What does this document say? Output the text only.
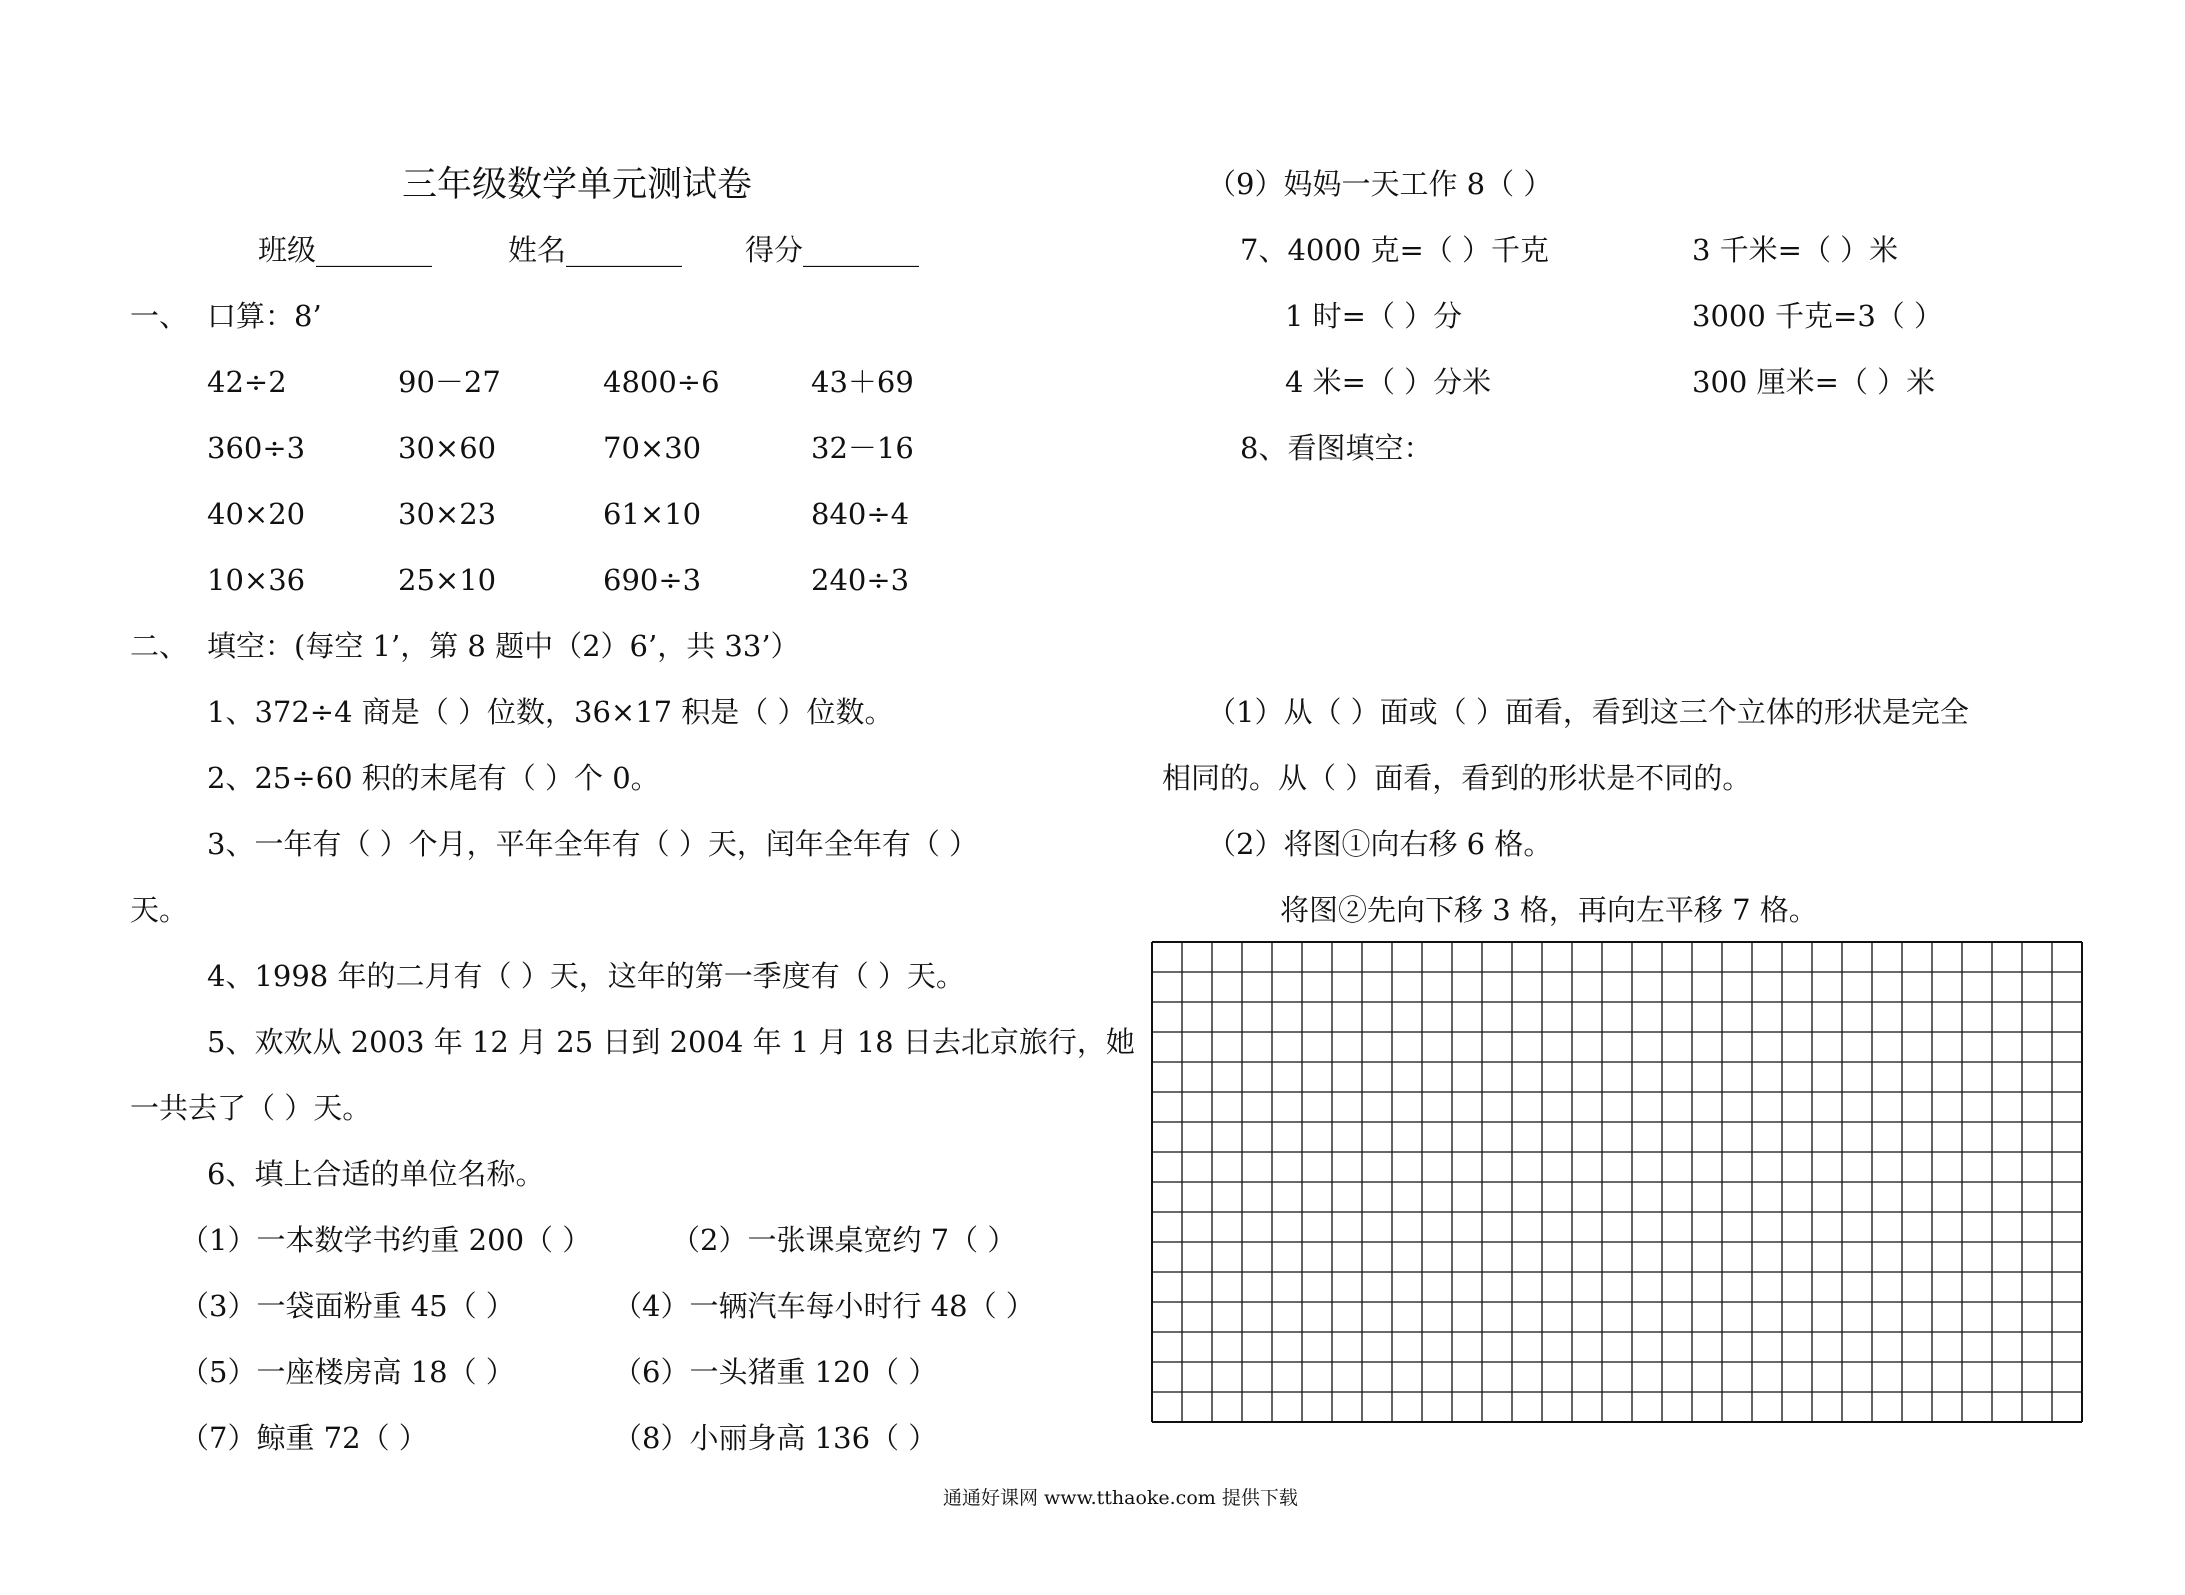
三年级数学单元测试卷
班级________	姓名________ 得分________
一、 口算：8’
42÷2	90－27	4800÷6	43＋69
360÷3	30×60	70×30	32－16
40×20	30×23	61×10	840÷4
10×36	25×10	690÷3	240÷3
二、 填空：(每空 1’，第 8 题中（2）6’，共 33’）
1、372÷4 商是（ ）位数，36×17 积是（ ）位数。
2、25÷60 积的末尾有（ ）个 0。
3、一年有（ ）个月，平年全年有（ ）天，闰年全年有（ ）
天。
4、1998 年的二月有（ ）天，这年的第一季度有（ ）天。
5、欢欢从 2003 年 12 月 25 日到 2004 年 1 月 18 日去北京旅行，她
一共去了（ ）天。
6、填上合适的单位名称。
（1）一本数学书约重 200（ ）	（2）一张课桌宽约 7（ ）
（3）一袋面粉重 45（ ）	（4）一辆汽车每小时行 48（ ）
（5）一座楼房高 18（ ）	（6）一头猪重 120（ ）
（7）鲸重 72（ ）	（8）小丽身高 136（ ）
（9）妈妈一天工作 8（ ）
7、4000 克=（ ）千克	3 千米=（ ）米
1 时=（ ）分	3000 千克=3（ ）
4 米=（ ）分米	300 厘米=（ ）米
8、看图填空：
（1）从（ ）面或（ ）面看，看到这三个立体的形状是完全
相同的。从（ ）面看，看到的形状是不同的。
（2）将图①向右移 6 格。
将图②先向下移 3 格，再向左平移 7 格。
通通好课网 www.tthaoke.com 提供下载
